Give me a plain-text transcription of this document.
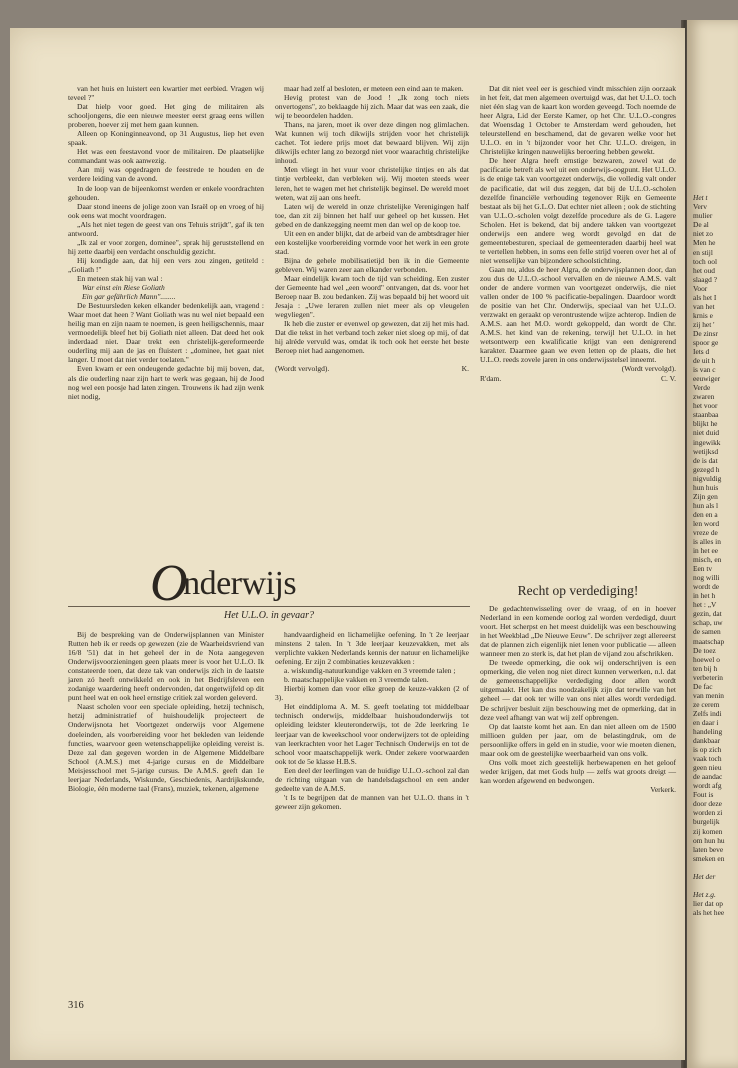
Het t
Verv
mulier
De al
niet zo
Men he
en stijl
toch ool
het oud
slaagd ?
Voor
als het I
van het
krnis e
zij het '
De zinsr
spoor ge
Iets d
de uit h
is van c
eeuwiger
Verde
zwaren
het voor
staanbaa
blijkt he
niet duid
ingewikk
wetijksd
de is dat
gezegd h
nigvuldig
hun huis
Zijn gen
hun als l
den en a
len word
vreze de
is alles in
in het ee
misch, en
Een tv
nog willi
wordt de
in het h
het : „V
gezin, dat
schap, uw
de samen
maatschap
De toez
hoewel o
ten bij h
verbeterin
De fac
van menin
ze cerem
Zelfs indi
en daar i
handeling
dankbaar
is op zich
vaak toch
geen nieu
de aandac
wordt afg
Fout is
door deze
worden zi
burgelijk
zij komen
om hun hu
laten beve
smeken en
Het der
Het z.g.
lier dat op
als het hee

van het huis en luistert een kwartier met eerbied. Vragen wij teveel ?"

Dat hielp voor goed. Het ging de militairen als schooljongens, die een nieuwe meester eerst graag eens willen proberen, hoever zij met hem gaan kunnen.

Alleen op Koninginneavond, op 31 Augustus, liep het even spaak.

Het was een feestavond voor de militairen. De plaatselijke commandant was ook aanwezig.

Aan mij was opgedragen de feestrede te houden en de verdere leiding van de avond.

In de loop van de bijeenkomst werden er enkele voordrachten gehouden.

Daar stond ineens de jolige zoon van Israël op en vroeg of hij ook eens wat mocht voordragen.

„Als het niet tegen de geest van ons Tehuis strijdt", gaf ik ten antwoord.

„Ik zal er voor zorgen, dominee", sprak hij geruststellend en hij zette daarbij een verdacht onschuldig gezicht.

Hij kondigde aan, dat hij een vers zou zingen, getiteld : „Goliath !"

En meteen stak hij van wal :

War einst ein Riese Goliath

Ein gar gefährlich Mann"........

De Bestuursleden keken elkander bedenkelijk aan, vragend : Waar moet dat heen ? Want Goliath was nu wel niet bepaald een heilig man en zijn naam te noemen, is geen heiligschennis, maar vermoedelijk bleef het bij Goliath niet alleen. Dat deed het ook inderdaad niet. Daar trekt een christelijk-gereformeerde ouderling mij aan de jas en fluistert : „dominee, het gaat niet langer. U moet dat niet verder toelaten."

Even kwam er een ondeugende gedachte bij mij boven, dat, als die ouderling naar zijn hart te werk was gegaan, hij de Jood nog wel een poosje had laten zingen. Trouwens ik had zijn wenk niet nodig,

maar had zelf al besloten, er meteen een eind aan te maken.

Hevig protest van de Jood ! „Ik zong toch niets onvertogens", zo beklaagde hij zich. Maar dat was een zaak, die wij te beoordelen hadden.

Thans, na jaren, moet ik over deze dingen nog glimlachen. Wat kunnen wij toch dikwijls strijden voor het christelijk cachet. Tot iedere prijs moet dat bewaard blijven. Wij zijn dikwijls echter lang zo bezorgd niet voor waarachtig christelijke inhoud.

Men vliegt in het vuur voor christelijke tintjes en als dat tintje verbleekt, dan verbleken wij. Wij moeten steeds weer leren, het te wagen met het christelijk beginsel. De wereld moet weten, wat zij aan ons heeft.

Laten wij de wereld in onze christelijke Verenigingen half toe, dan zit zij binnen het half uur geheel op het kussen. Het gebed en de dankzegging neemt men dan wel op de koop toe.

Uit een en ander blijkt, dat de arbeid van de ambtsdrager hier een kostelijke voorbereiding vormde voor het werk in een grote stad.

Bijna de gehele mobilisatietijd ben ik in die Gemeente gebleven. Wij waren zeer aan elkander verbonden.

Maar eindelijk kwam toch de tijd van scheiding. Een zuster der Gemeente had wel „een woord" ontvangen, dat ds. voor het Beroep naar B. zou bedanken. Zij was bepaald bij het woord uit Jesaja : „Uwe leraren zullen niet meer als op vleugelen wegvliegen".

Ik heb die zuster er evenwel op gewezen, dat zij het mis had. Dat die tekst in het verband toch zeker niet sloeg op mij, of dat hij alréde vervuld was, omdat ik toch ook het eerste het beste Beroep niet had aangenomen.

(Wordt vervolgd).	K.

Dat dit niet veel eer is geschied vindt misschien zijn oorzaak in het feit, dat men algemeen overtuigd was, dat het U.L.O. toch niet één slag van de kaart kon worden geveegd. Toch noemde de heer Algra, Lid der Eerste Kamer, op het Chr. U.L.O.-congres dat Woensdag 1 October te Amsterdam werd gehouden, het teleurstellend en beschamend, dat de gevaren welke voor het U.L.O. en in 't bijzonder voor het Chr. U.L.O. dreigen, in Christelijke kringen nauwelijks beroering hebben gewekt.

De heer Algra heeft ernstige bezwaren, zowel wat de pacificatie betreft als wel uit een onderwijs-oogpunt. Het U.L.O. is de enige tak van voortgezet onderwijs, die volledig valt onder de pacificatie, dat wil dus zeggen, dat bij de U.L.O.-scholen dezelfde financiële verhouding tegenover Rijk en Gemeente bestaat als bij het G.L.O. Dat echter niet alleen ; ook de stichting van U.L.O.-scholen volgt dezelfde procedure als de G. Lagere Scholen. Het is bekend, dat bij andere takken van voortgezet onderwijs een andere weg wordt gevolgd en dat de gemeentebesturen, speciaal de gemeenteraden daarbij heel wat te vertellen hebben, in soms een felle strijd voeren over het al of niet wenselijke van bijzondere schoolstichting.

Gaan nu, aldus de heer Algra, de onderwijsplannen door, dan zou dus de U.L.O.-school vervallen en de nieuwe A.M.S. valt onder de andere vormen van voortgezet onderwijs, die niet vallen onder de 100 % pacificatie-bepalingen. Daardoor wordt de positie van het Chr. Onderwijs, speciaal van het U.L.O. verzwakt en geraakt op verontrustende wijze achterop. Indien de A.M.S. aan het M.O. wordt gekoppeld, dan wordt de Chr. A.M.S. het kind van de rekening, terwijl het U.L.O. in het wetsontwerp een kwalificatie krijgt van een denigrerend karakter. Daarmee gaan we even letten op de plaats, die het U.L.O. reeds zovele jaren in ons onderwijsstelsel inneemt.

(Wordt vervolgd).

R'dam.	C. V.
Onderwijs
Het U.L.O. in gevaar?
Recht op verdediging!

Bij de bespreking van de Onderwijsplannen van Minister Rutten heb ik er reeds op gewezen (zie de Waarheidsvriend van 16/8 '51) dat in het geheel der in de Nota aangegeven Onderwijsvoorzieningen geen plaats meer is voor het U.L.O. Ik constateerde toen, dat deze tak van onderwijs zich in de laatste jaren zó heeft ontwikkeld en ook in het Bedrijfsleven een zodanige waardering heeft ondervonden, dat ongetwijfeld op dit punt heel wat en ook heel ernstige critiek zal worden geleverd.

Naast scholen voor een speciale opleiding, hetzij technisch, hetzij administratief of huishoudelijk projecteert de Onderwijsnota het Voortgezet onderwijs voor Algemene doeleinden, als voorbereiding voor het bekleden van leidende functies, waarvoor geen wetenschappelijke opleiding vereist is. Deze zal dan gegeven worden in de Algemene Middelbare School (A.M.S.) met 4-jarige cursus en de Middelbare Meisjesschool met 5-jarige cursus. De A.M.S. geeft dan 1e leerjaar Nederlands, Wiskunde, Geschiedenis, Aardrijkskunde, Biologie, één moderne taal (Frans), muziek, tekenen, algemene

handvaardigheid en lichamelijke oefening. In 't 2e leerjaar minstens 2 talen. In 't 3de leerjaar keuzevakken, met als verplichte vakken Nederlands kennis der natuur en lichamelijke oefening. Er zijn 2 combinaties keuzevakken :

a. wiskundig-natuurkundige vakken en 3 vreemde talen ;

b. maatschappelijke vakken en 3 vreemde talen.

Hierbij komen dan voor elke groep de keuze-vakken (2 of 3).

Het einddiploma A. M. S. geeft toelating tot middelbaar technisch onderwijs, middelbaar huishoudonderwijs tot opleiding leidster kleuteronderwijs, tot de 2de leerkring 1e leerjaar van de kweekschool voor onderwijzers tot de opleiding van leerkrachten voor het Lager Technisch Onderwijs en tot de school voor maatschappelijk werk. Onder zekere voorwaarden ook tot de 5e klasse H.B.S.

Een deel der leerlingen van de huidige U.L.O.-school zal dan de richting uitgaan van de handelsdagschool en een ander gedeelte van de A.M.S.

't Is te begrijpen dat de mannen van het U.L.O. thans in 't geweer zijn gekomen.

De gedachtenwisseling over de vraag, of en in hoever Nederland in een komende oorlog zal worden verdedigd, duurt voort. Het scherpst en het meest duidelijk was een beschouwing in het Weekblad „De Nieuwe Eeuw". De schrijver zegt allereerst dat de plannen zich eigenlijk niet lenen voor publicatie — alleen wanneer men zo sterk is, dat het plan de vijand zou afschrikken.

De tweede opmerking, die ook wij onderschrijven is een opmerking, die velen nog niet direct kunnen verwerken, n.l. dat de gemeenschappelijke verdediging door allen wordt uitgemaakt. Het kan dus noodzakelijk zijn dat terwille van het geheel — dat ook ter wille van ons niet alles wordt verdedigd. De schrijver besluit zijn beschouwing met de opmerking, dat in deze veel afhangt van wat wij zelf opbrengen.

Op dat laatste komt het aan. En dan niet alleen om de 1500 millioen gulden per jaar, om de belastingdruk, om de persoonlijke offers in geld en in studie, voor wie moeten dienen, maar ook om de geestelijke weerbaarheid van ons volk.

Ons volk moet zich geestelijk herbewapenen en het geloof weder krijgen, dat met Gods hulp — zelfs wat groots dreigt — kan worden afgewend en bedwongen.

Verkerk.

316
